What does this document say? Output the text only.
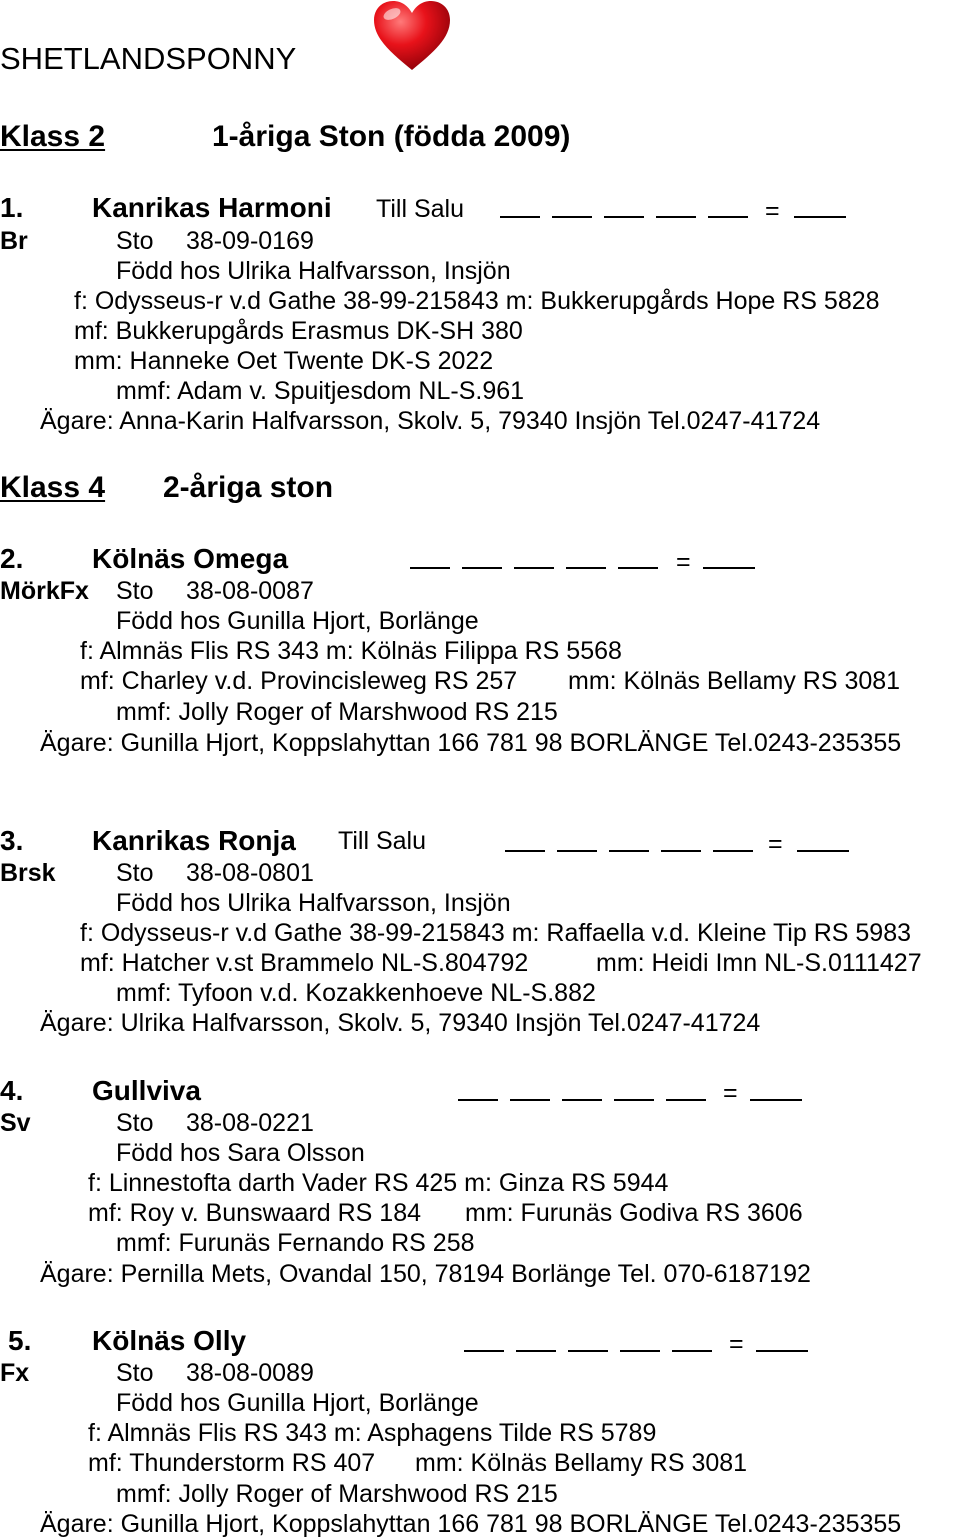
SHETLANDSPONNY
Klass 2	1-åriga Ston (födda 2009)
1. Kanrikas Harmoni Till Salu	=
Br	Sto 38-09-0169
Född hos Ulrika Halfvarsson, Insjön
f: Odysseus-r v.d Gathe 38-99-215843 m: Bukkerupgårds Hope RS 5828
mf: Bukkerupgårds Erasmus DK-SH 380
mm: Hanneke Oet Twente DK-S 2022
mmf: Adam v. Spuitjesdom NL-S.961
Ägare: Anna-Karin Halfvarsson, Skolv. 5, 79340 Insjön Tel.0247-41724
Klass 4 2-åriga ston
2. Kölnäs Omega	=
MörkFx Sto 38-08-0087
Född hos Gunilla Hjort, Borlänge
f: Almnäs Flis RS 343 m: Kölnäs Filippa RS 5568
mf: Charley v.d. Provincisleweg RS 257 mm: Kölnäs Bellamy RS 3081
mmf: Jolly Roger of Marshwood RS 215
Ägare: Gunilla Hjort, Koppslahyttan 166 781 98 BORLÄNGE Tel.0243-235355
3. Kanrikas Ronja Till Salu	=
Brsk Sto 38-08-0801
Född hos Ulrika Halfvarsson, Insjön
f: Odysseus-r v.d Gathe 38-99-215843 m: Raffaella v.d. Kleine Tip RS 5983
mf: Hatcher v.st Brammelo NL-S.804792	mm: Heidi Imn NL-S.0111427
mmf: Tyfoon v.d. Kozakkenhoeve NL-S.882
Ägare: Ulrika Halfvarsson, Skolv. 5, 79340 Insjön Tel.0247-41724
4. Gullviva	=
Sv	Sto 38-08-0221
Född hos Sara Olsson
f: Linnestofta darth Vader RS 425 m: Ginza RS 5944
mf: Roy v. Bunswaard RS 184 mm: Furunäs Godiva RS 3606
mmf: Furunäs Fernando RS 258
Ägare: Pernilla Mets, Ovandal 150, 78194 Borlänge Tel. 070-6187192
5. Kölnäs Olly	=
Fx	Sto 38-08-0089
Född hos Gunilla Hjort, Borlänge
f: Almnäs Flis RS 343 m: Asphagens Tilde RS 5789
mf: Thunderstorm RS 407 mm: Kölnäs Bellamy RS 3081
mmf: Jolly Roger of Marshwood RS 215
Ägare: Gunilla Hjort, Koppslahyttan 166 781 98 BORLÄNGE Tel.0243-235355
